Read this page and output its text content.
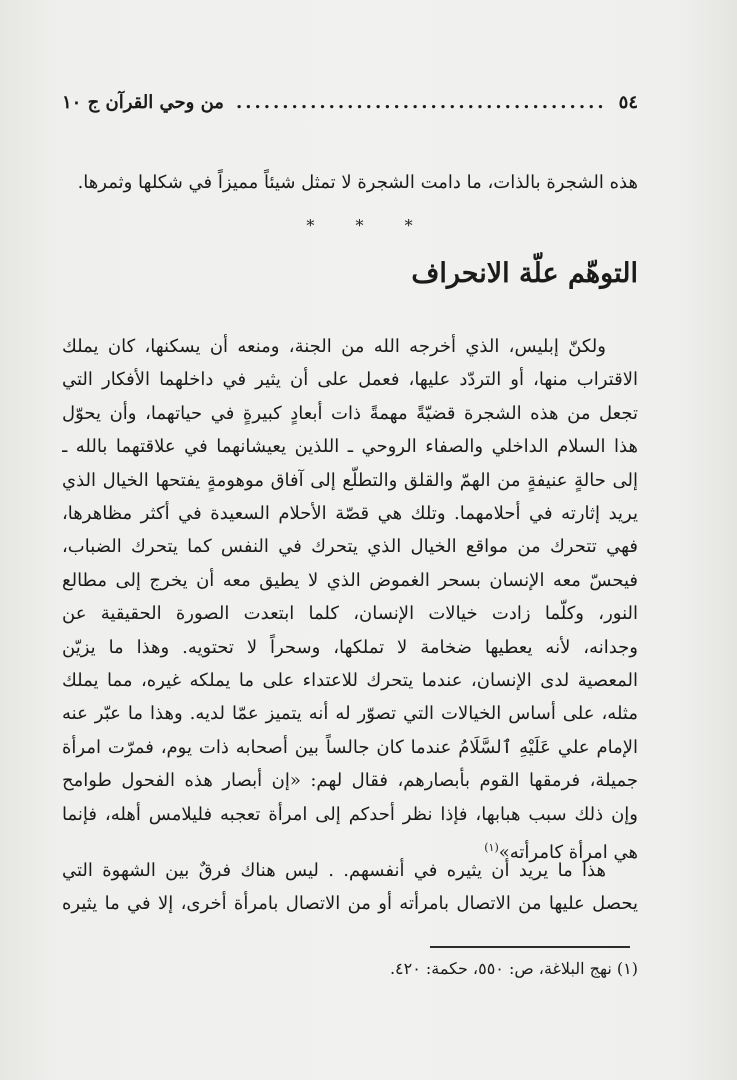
٥٤
........................................
من وحي القرآن ج ١٠
هذه الشجرة بالذات، ما دامت الشجرة لا تمثل شيئاً مميزاً في شكلها وثمرها.
* * *
التوهّم علّة الانحراف
ولكنّ إبليس، الذي أخرجه الله من الجنة، ومنعه أن يسكنها، كان يملك
الاقتراب منها، أو التردّد عليها، فعمل على أن يثير في داخلهما الأفكار التي
تجعل من هذه الشجرة قضيّةً مهمةً ذات أبعادٍ كبيرةٍ في حياتهما، وأن يحوّل
هذا السلام الداخلي والصفاء الروحي ـ اللذين يعيشانهما في علاقتهما بالله ـ
إلى حالةٍ عنيفةٍ من الهمّ والقلق والتطلّع إلى آفاق موهومةٍ يفتحها الخيال الذي
يريد إثارته في أحلامهما. وتلك هي قصّة الأحلام السعيدة في أكثر مظاهرها،
فهي تتحرك من مواقع الخيال الذي يتحرك في النفس كما يتحرك الضباب،
فيحسّ معه الإنسان بسحر الغموض الذي لا يطيق معه أن يخرج إلى مطالع
النور، وكلّما زادت خيالات الإنسان، كلما ابتعدت الصورة الحقيقية عن
وجدانه، لأنه يعطيها ضخامة لا تملكها، وسحراً لا تحتويه. وهذا ما يزيّن
المعصية لدى الإنسان، عندما يتحرك للاعتداء على ما يملكه غيره، مما يملك
مثله، على أساس الخيالات التي تصوّر له أنه يتميز عمّا لديه. وهذا ما عبّر عنه
الإمام علي عَلَيْهِ ٱلسَّلَامُ عندما كان جالساً بين أصحابه ذات يوم، فمرّت امرأة
جميلة، فرمقها القوم بأبصارهم، فقال لهم: «إن أبصار هذه الفحول طوامح
وإن ذلك سبب هبابها، فإذا نظر أحدكم إلى امرأة تعجبه فليلامس أهله، فإنما
هي امرأة كامرأته»$^{(١)}$
هذا ما يريد أن يثيره في أنفسهم. . ليس هناك فرقٌ بين الشهوة التي
يحصل عليها من الاتصال بامرأته أو من الاتصال بامرأة أخرى، إلا في ما يثيره
(١) نهج البلاغة، ص: ٥٥٠، حكمة: ٤٢٠.
